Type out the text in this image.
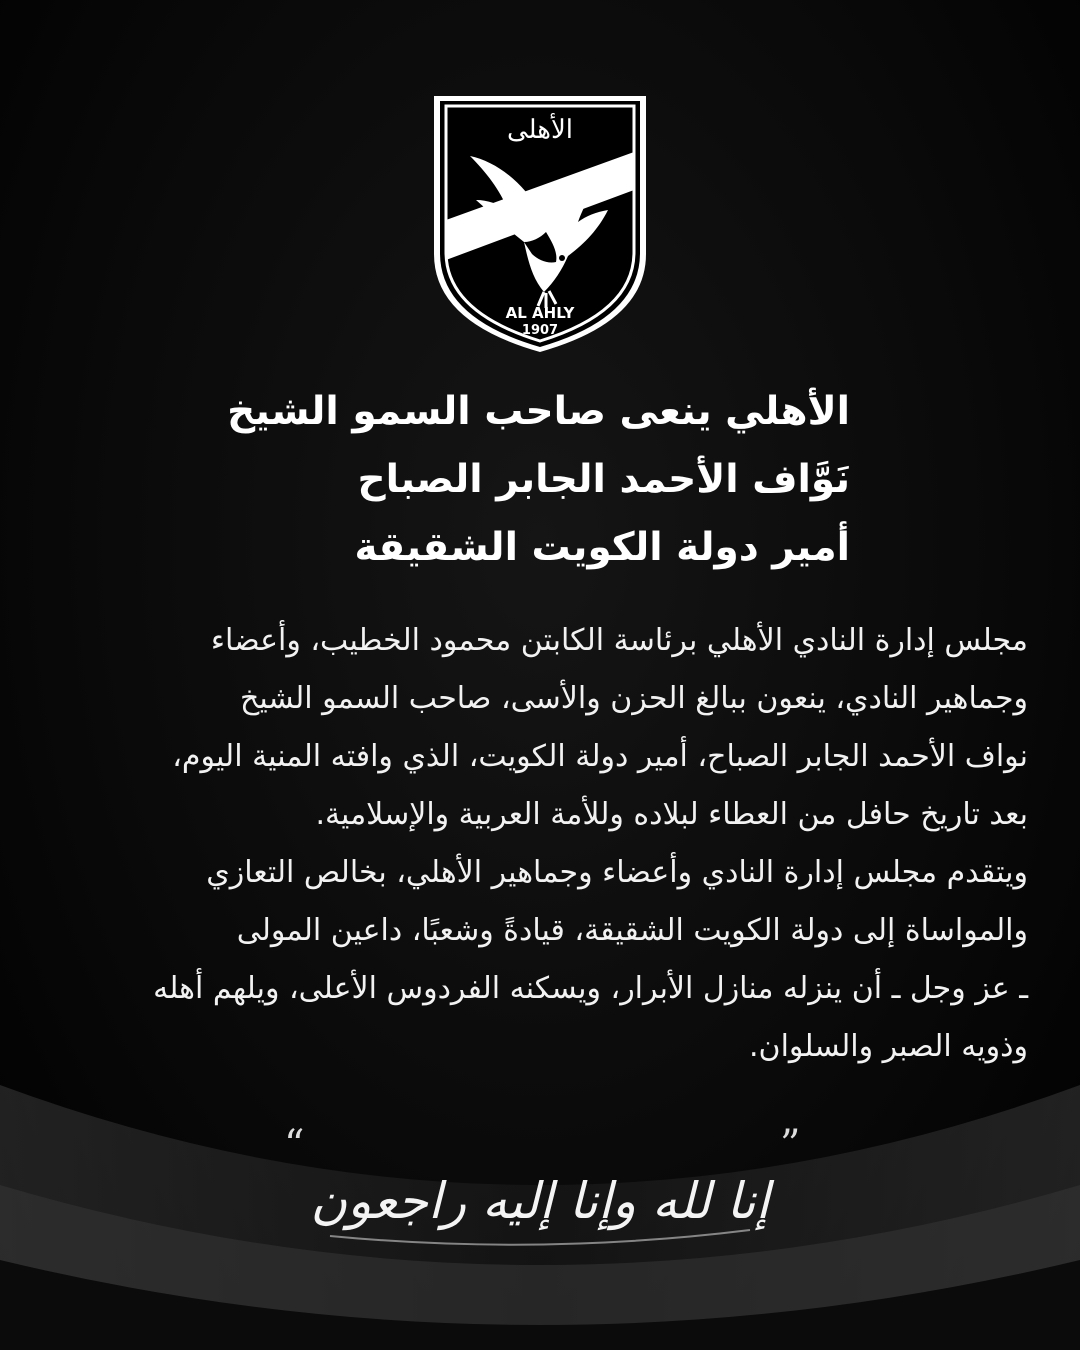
الأهلى
AL AHLY
1907
الأهلي ينعى صاحب السمو الشيخ
نَوَّاف الأحمد الجابر الصباح
أمير دولة الكويت الشقيقة
مجلس إدارة النادي الأهلي برئاسة الكابتن محمود الخطيب، وأعضاء
وجماهير النادي، ينعون ببالغ الحزن والأسى، صاحب السمو الشيخ
نواف الأحمد الجابر الصباح، أمير دولة الكويت، الذي وافته المنية اليوم،
بعد تاريخ حافل من العطاء لبلاده وللأمة العربية والإسلامية.
ويتقدم مجلس إدارة النادي وأعضاء وجماهير الأهلي، بخالص التعازي
والمواساة إلى دولة الكويت الشقيقة، قيادةً وشعبًا، داعين المولى
ـ عز وجل ـ أن ينزله منازل الأبرار، ويسكنه الفردوس الأعلى، ويلهم أهله
وذويه الصبر والسلوان.
“	”
إنا لله وإنا إليه راجعون
